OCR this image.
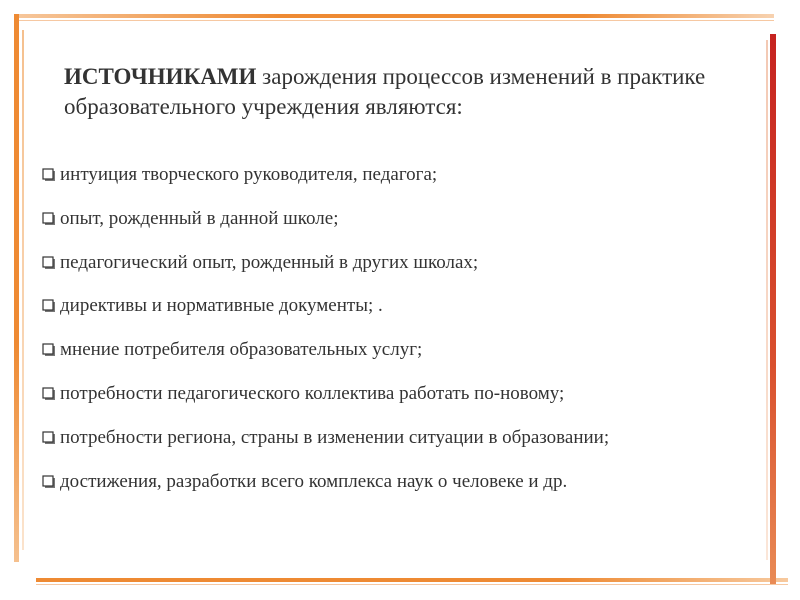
ИСТОЧНИКАМИ зарождения процессов изменений в практике образовательного учреждения являются:
интуиция творческого руководителя, педагога;
опыт, рожденный в данной школе;
педагогический опыт, рожденный в других школах;
директивы и нормативные документы; .
мнение потребителя образовательных услуг;
потребности педагогического коллектива работать по-новому;
потребности региона, страны в изменении ситуации в образовании;
достижения, разработки всего комплекса наук о человеке и др.
